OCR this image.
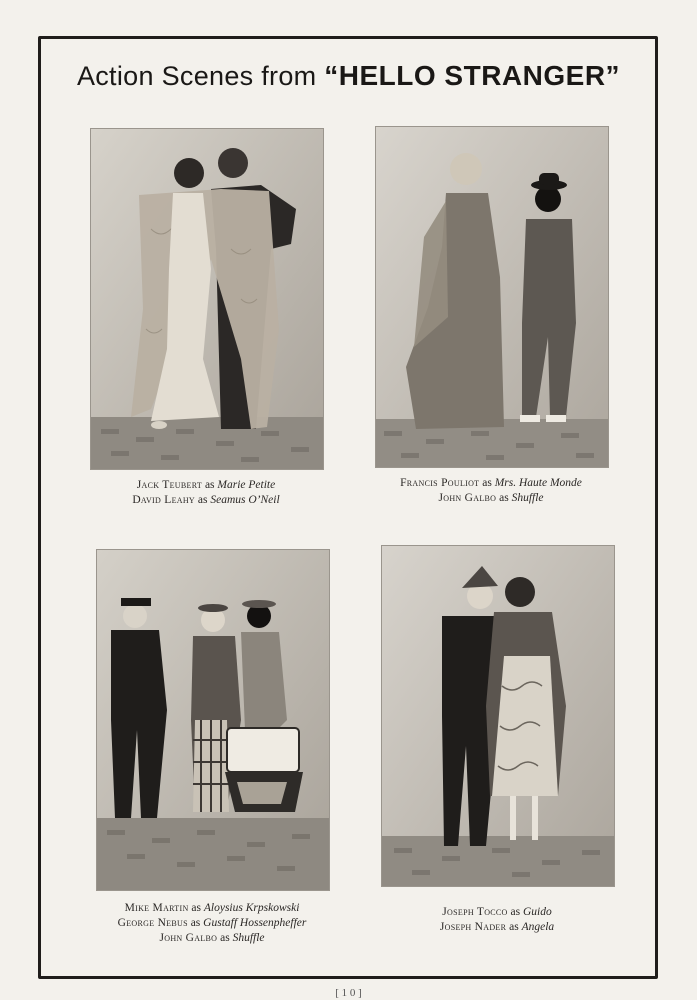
Action Scenes from “HELLO STRANGER”
Jack Teubert as Marie Petite
David Leahy as Seamus O’Neil
Francis Pouliot as Mrs. Haute Monde
John Galbo as Shuffle
Mike Martin as Aloysius Krpskowski
George Nebus as Gustaff Hossenpheffer
John Galbo as Shuffle
Joseph Tocco as Guido
Joseph Nader as Angela
[ 1 0 ]
